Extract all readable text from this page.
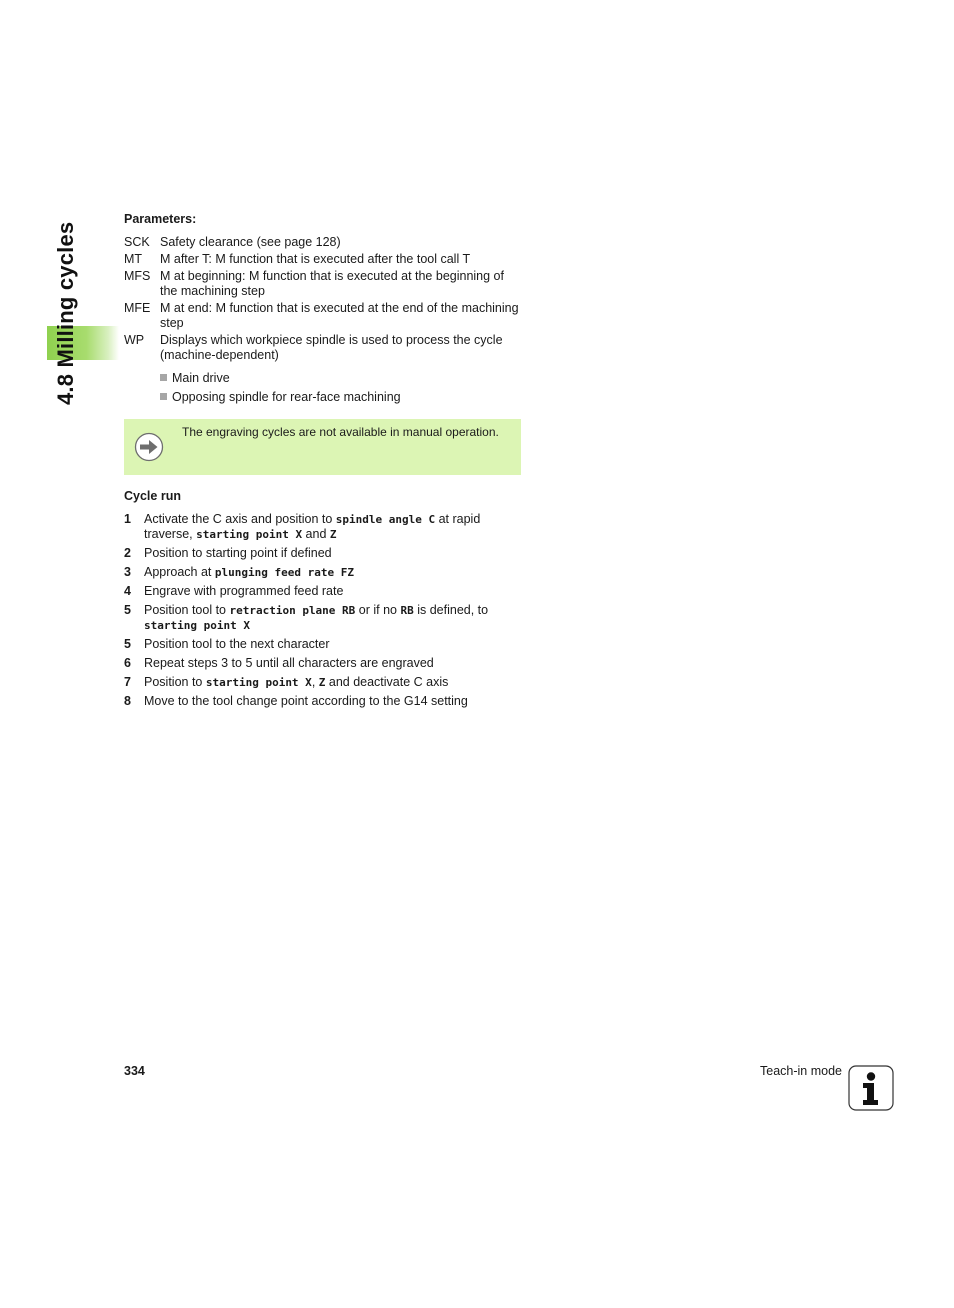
4.8 Milling cycles

Parameters:

SCK Safety clearance (see page 128)
MT	M after T: M function that is executed after the tool call T
MFS M at beginning: M function that is executed at the beginning of the machining step
MFE M at end: M function that is executed at the end of the machining step
WP	Displays which workpiece spindle is used to process the cycle (machine-dependent)
Main drive
Opposing spindle for rear-face machining
The engraving cycles are not available in manual operation.

Cycle run

1	Activate the C axis and position to spindle angle C at rapid traverse, starting point X and Z
2	Position to starting point if defined
3	Approach at plunging feed rate FZ
4	Engrave with programmed feed rate
5	Position tool to retraction plane RB or if no RB is defined, to starting point X
5	Position tool to the next character
6	Repeat steps 3 to 5 until all characters are engraved
7	Position to starting point X, Z and deactivate C axis
8	Move to the tool change point according to the G14 setting
334	Teach-in mode
